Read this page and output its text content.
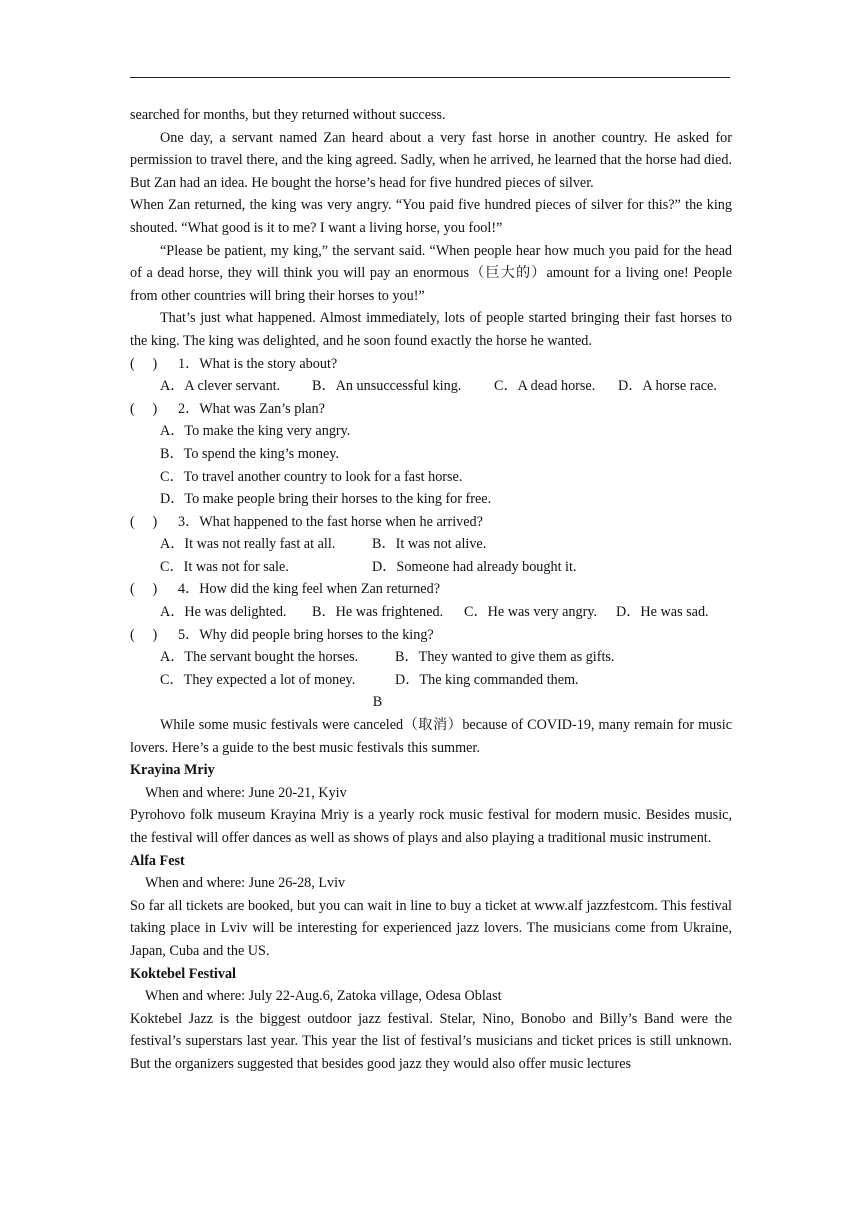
searched for months, but they returned without success.

One day, a servant named Zan heard about a very fast horse in another country. He asked for permission to travel there, and the king agreed. Sadly, when he arrived, he learned that the horse had died. But Zan had an idea. He bought the horse’s head for five hundred pieces of silver.

When Zan returned, the king was very angry. “You paid five hundred pieces of silver for this?” the king shouted. “What good is it to me? I want a living horse, you fool!”

“Please be patient, my king,” the servant said. “When people hear how much you paid for the head of a dead horse, they will think you will pay an enormous（巨大的）amount for a living one! People from other countries will bring their horses to you!”

That’s just what happened. Almost immediately, lots of people started bringing their fast horses to the king. The king was delighted, and he soon found exactly the horse he wanted.

(     )	1．What is the story about?
A．A clever servant.	B．An unsuccessful king.	C．A dead horse.	D．A horse race.
(     )	2．What was Zan’s plan?
A．To make the king very angry.
B．To spend the king’s money.
C．To travel another country to look for a fast horse.
D．To make people bring their horses to the king for free.
(     )	3．What happened to the fast horse when he arrived?
A．It was not really fast at all.	B．It was not alive.
C．It was not for sale.	D．Someone had already bought it.
(     )	4．How did the king feel when Zan returned?
A．He was delighted.	B．He was frightened.	C．He was very angry.	D．He was sad.
(     )	5．Why did people bring horses to the king?
A．The servant bought the horses.	B．They wanted to give them as gifts.
C．They expected a lot of money.	D．The king commanded them.

B

While some music festivals were canceled（取消）because of COVID-19, many remain for music lovers. Here’s a guide to the best music festivals this summer.

Krayina Mriy

When and where: June 20-21, Kyiv

Pyrohovo folk museum Krayina Mriy is a yearly rock music festival for modern music. Besides music, the festival will offer dances as well as shows of plays and also playing a traditional music instrument.

Alfa Fest

When and where: June 26-28, Lviv

So far all tickets are booked, but you can wait in line to buy a ticket at www.alf jazzfestcom. This festival taking place in Lviv will be interesting for experienced jazz lovers. The musicians come from Ukraine, Japan, Cuba and the US.

Koktebel Festival

When and where: July 22-Aug.6, Zatoka village, Odesa Oblast

Koktebel Jazz is the biggest outdoor jazz festival. Stelar, Nino, Bonobo and Billy’s Band were the festival’s superstars last year. This year the list of festival’s musicians and ticket prices is still unknown. But the organizers suggested that besides good jazz they would also offer music lectures
